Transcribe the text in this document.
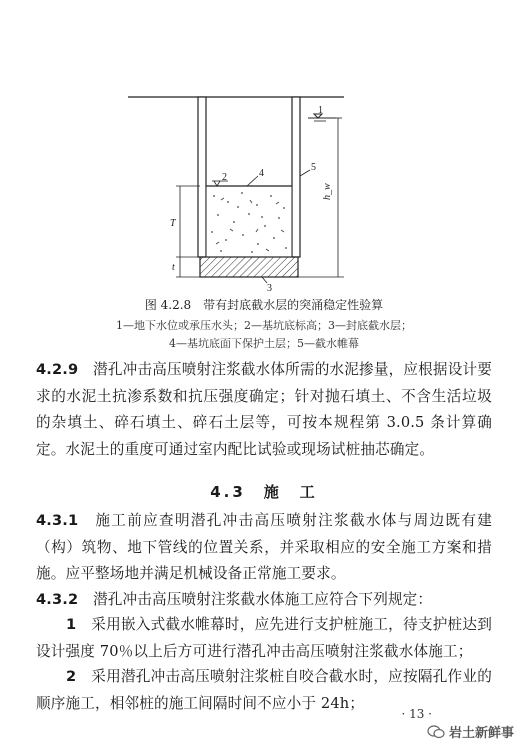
1
2	4
5
3
T
t
h_w
图 4.2.8　带有封底截水层的突涌稳定性验算
1—地下水位或承压水头；2—基坑底标高；3—封底截水层；
4—基坑底面下保护土层；5—截水帷幕

4.2.9　 潜孔冲击高压喷射注浆截水体所需的水泥掺量，应根据设计要求的水泥土抗渗系数和抗压强度确定；针对抛石填土、不含生活垃圾的杂填土、碎石填土、碎石土层等，可按本规程第 3.0.5 条计算确定。水泥土的重度可通过室内配比试验或现场试桩抽芯确定。

4.3　 施　工

4.3.1　 施工前应查明潜孔冲击高压喷射注浆截水体与周边既有建（构）筑物、地下管线的位置关系，并采取相应的安全施工方案和措施。应平整场地并满足机械设备正常施工要求。

4.3.2　 潜孔冲击高压喷射注浆截水体施工应符合下列规定：

1　 采用嵌入式截水帷幕时，应先进行支护桩施工，待支护桩达到设计强度 70％以上后方可进行潜孔冲击高压喷射注浆截水体施工；

2　 采用潜孔冲击高压喷射注浆桩自咬合截水时，应按隔孔作业的顺序施工，相邻桩的施工间隔时间不应小于 24h；

· 13 ·
岩土新鲜事
